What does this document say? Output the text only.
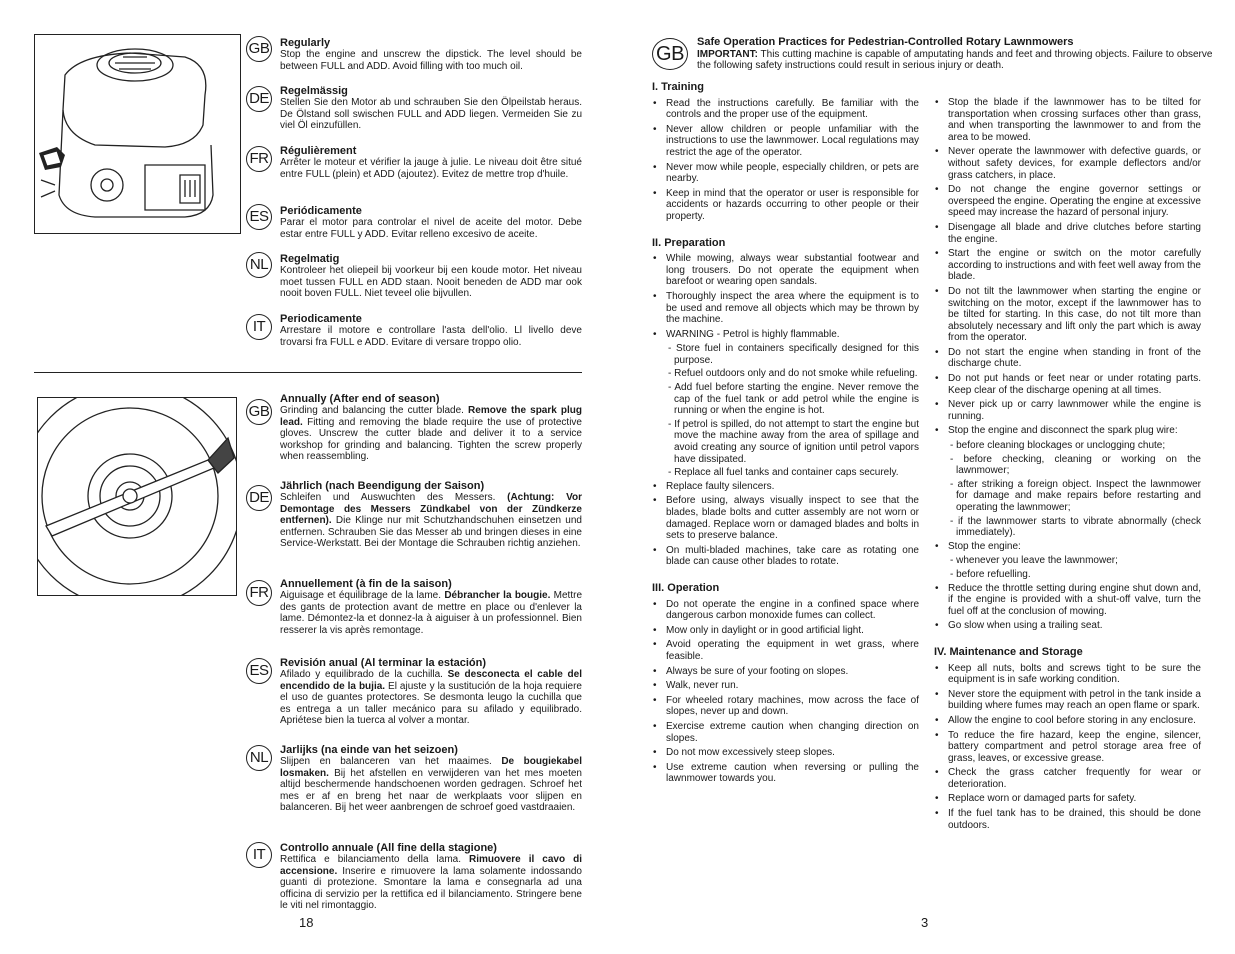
GB Regularly
Stop the engine and unscrew the dipstick. The level should be between FULL and ADD. Avoid filling with too much oil.
DE Regelmässig
Stellen Sie den Motor ab und schrauben Sie den Ölpeilstab heraus. De Ölstand soll swischen FULL and ADD liegen. Vermeiden Sie zu viel Öl einzufüllen.
FR	Régulièrement
Arrêter le moteur et vérifier la jauge à julie. Le niveau doit être situé entre FULL (plein) et ADD (ajoutez). Evitez de mettre trop d'huile.
ES	Periódicamente
Parar el motor para controlar el nivel de aceite del motor. Debe estar entre FULL y ADD. Evitar relleno excesivo de aceite.
NL	Regelmatig
Kontroleer het oliepeil bij voorkeur bij een koude motor. Het niveau moet tussen FULL en ADD staan. Nooit beneden de ADD mar ook nooit boven FULL. Niet teveel olie bijvullen.
IT	Periodicamente
Arrestare il motore e controllare l'asta dell'olio. Ll livello deve trovarsi fra FULL e ADD. Evitare di versare troppo olio.
GB
Annually (After end of season)
Grinding and balancing the cutter blade. Remove the spark plug lead. Fitting and removing the blade require the use of protective gloves. Unscrew the cutter blade and deliver it to a service workshop for grinding and balancing. Tighten the screw properly when reassembling.
DE
Jährlich (nach Beendigung der Saison)
Schleifen und Auswuchten des Messers. (Achtung: Vor Demontage des Messers Zündkabel von der Zündkerze entfernen). Die Klinge nur mit Schutzhandschuhen einsetzen und entfernen. Schrauben Sie das Messer ab und bringen dieses in eine Service-Werkstatt. Bei der Montage die Schrauben richtig anziehen.
FR	Annuellement (à fin de la saison)
Aiguisage et équilibrage de la lame. Débrancher la bougie. Mettre des gants de protection avant de mettre en place ou d'enlever la lame. Démontez-la et donnez-la à aiguiser à un professionnel. Bien resserer la vis après remontage.
ES	Revisión anual (Al terminar la estación)
Afilado y equilibrado de la cuchilla. Se desconecta el cable del encendido de la bujia. El ajuste y la sustitución de la hoja requiere el uso de guantes protectores. Se desmonta leugo la cuchilla que es entrega a un taller mecánico para su afilado y equilibrado. Apriétese bien la tuerca al volver a montar.
NL	Jarlijks (na einde van het seizoen)
Slijpen en balanceren van het maaimes. De bougiekabel losmaken. Bij het afstellen en verwijderen van het mes moeten altijd beschermende handschoenen worden gedragen. Schroef het mes er af en breng het naar de werkplaats voor slijpen en balanceren. Bij het weer aanbrengen de schroef goed vastdraaien.
IT	Controllo annuale (All fine della stagione)
Rettifica e bilanciamento della lama. Rimuovere il cavo di accensione. Inserire e rimuovere la lama solamente indossando guanti di protezione. Smontare la lama e consegnarla ad una officina di servizio per la rettifica ed il bilanciamento. Stringere bene le viti nel rimontaggio.
18
GB
Safe Operation Practices for Pedestrian-Controlled Rotary Lawnmowers
IMPORTANT: This cutting machine is capable of amputating hands and feet and throwing objects. Failure to observe the following safety instructions could result in serious injury or death.
I. Training
• Read the instructions carefully. Be familiar with the controls and the proper use of the equipment.
• Never allow children or people unfamiliar with the instructions to use the lawnmower. Local regulations may restrict the age of the operator.
• Never mow while people, especially children, or pets are nearby.
• Keep in mind that the operator or user is responsible for accidents or hazards occurring to other people or their property.
II. Preparation
• While mowing, always wear substantial footwear and long trousers. Do not operate the equipment when barefoot or wearing open sandals.
• Thoroughly inspect the area where the equipment is to be used and remove all objects which may be thrown by the machine.
• WARNING - Petrol is highly flammable.
- Store fuel in containers specifically designed for this purpose.
- Refuel outdoors only and do not smoke while refueling.
- Add fuel before starting the engine. Never remove the cap of the fuel tank or add petrol while the engine is running or when the engine is hot.
- If petrol is spilled, do not attempt to start the engine but move the machine away from the area of spillage and avoid creating any source of ignition until petrol vapors have dissipated.
- Replace all fuel tanks and container caps securely.
• Replace faulty silencers.
• Before using, always visually inspect to see that the blades, blade bolts and cutter assembly are not worn or damaged. Replace worn or damaged blades and bolts in sets to preserve balance.
• On multi-bladed machines, take care as rotating one blade can cause other blades to rotate.
III. Operation
• Do not operate the engine in a confined space where dangerous carbon monoxide fumes can collect.
• Mow only in daylight or in good artificial light.
• Avoid operating the equipment in wet grass, where feasible.
• Always be sure of your footing on slopes.
• Walk, never run.
• For wheeled rotary machines, mow across the face of slopes, never up and down.
• Exercise extreme caution when changing direction on slopes.
• Do not mow excessively steep slopes.
• Use extreme caution when reversing or pulling the lawnmower towards you.
• Stop the blade if the lawnmower has to be tilted for transportation when crossing surfaces other than grass, and when transporting the lawnmower to and from the area to be mowed.
• Never operate the lawnmower with defective guards, or without safety devices, for example deflectors and/or grass catchers, in place.
• Do not change the engine governor settings or overspeed the engine. Operating the engine at excessive speed may increase the hazard of personal injury.
• Disengage all blade and drive clutches before starting the engine.
• Start the engine or switch on the motor carefully according to instructions and with feet well away from the blade.
• Do not tilt the lawnmower when starting the engine or switching on the motor, except if the lawnmower has to be tilted for starting. In this case, do not tilt more than absolutely necessary and lift only the part which is away from the operator.
• Do not start the engine when standing in front of the discharge chute.
• Do not put hands or feet near or under rotating parts. Keep clear of the discharge opening at all times.
• Never pick up or carry lawnmower while the engine is running.
• Stop the engine and disconnect the spark plug wire:
- before cleaning blockages or unclogging chute;
- before checking, cleaning or working on the lawnmower;
- after striking a foreign object. Inspect the lawnmower for damage and make repairs before restarting and operating the lawnmower;
- if the lawnmower starts to vibrate abnormally (check immediately).
• Stop the engine:
- whenever you leave the lawnmower;
- before refuelling.
• Reduce the throttle setting during engine shut down and, if the engine is provided with a shut-off valve, turn the fuel off at the conclusion of mowing.
• Go slow when using a trailing seat.
IV. Maintenance and Storage
• Keep all nuts, bolts and screws tight to be sure the equipment is in safe working condition.
• Never store the equipment with petrol in the tank inside a building where fumes may reach an open flame or spark.
• Allow the engine to cool before storing in any enclosure.
• To reduce the fire hazard, keep the engine, silencer, battery compartment and petrol storage area free of grass, leaves, or excessive grease.
• Check the grass catcher frequently for wear or deterioration.
• Replace worn or damaged parts for safety.
• If the fuel tank has to be drained, this should be done outdoors.
3
